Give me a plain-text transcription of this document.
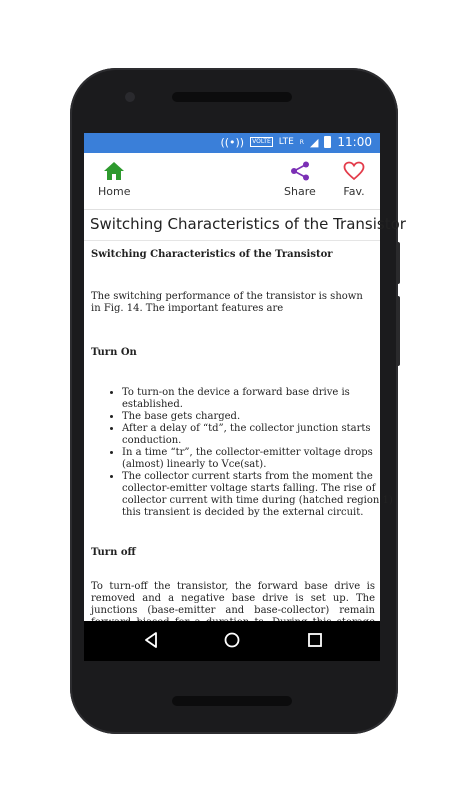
((•))	VOLTE LTE R ◢ 11:00
Home	Share	Fav.
Switching Characteristics of the Transistor
Switching Characteristics of the Transistor

The switching performance of the transistor is shown in Fig. 14. The important features are

Turn On
• To turn-on the device a forward base drive is established.
• The base gets charged.
• After a delay of “td”, the collector junction starts conduction.
• In a time “tr”, the collector-emitter voltage drops (almost) linearly to Vce(sat).
• The collector current starts from the moment the collector-emitter voltage starts falling. The rise of collector current with time during (hatched region 1) this transient is decided by the external circuit.
Turn off

To turn-off the transistor, the forward base drive is removed and a negative base drive is set up. The junctions (base-emitter and base-collector) remain
